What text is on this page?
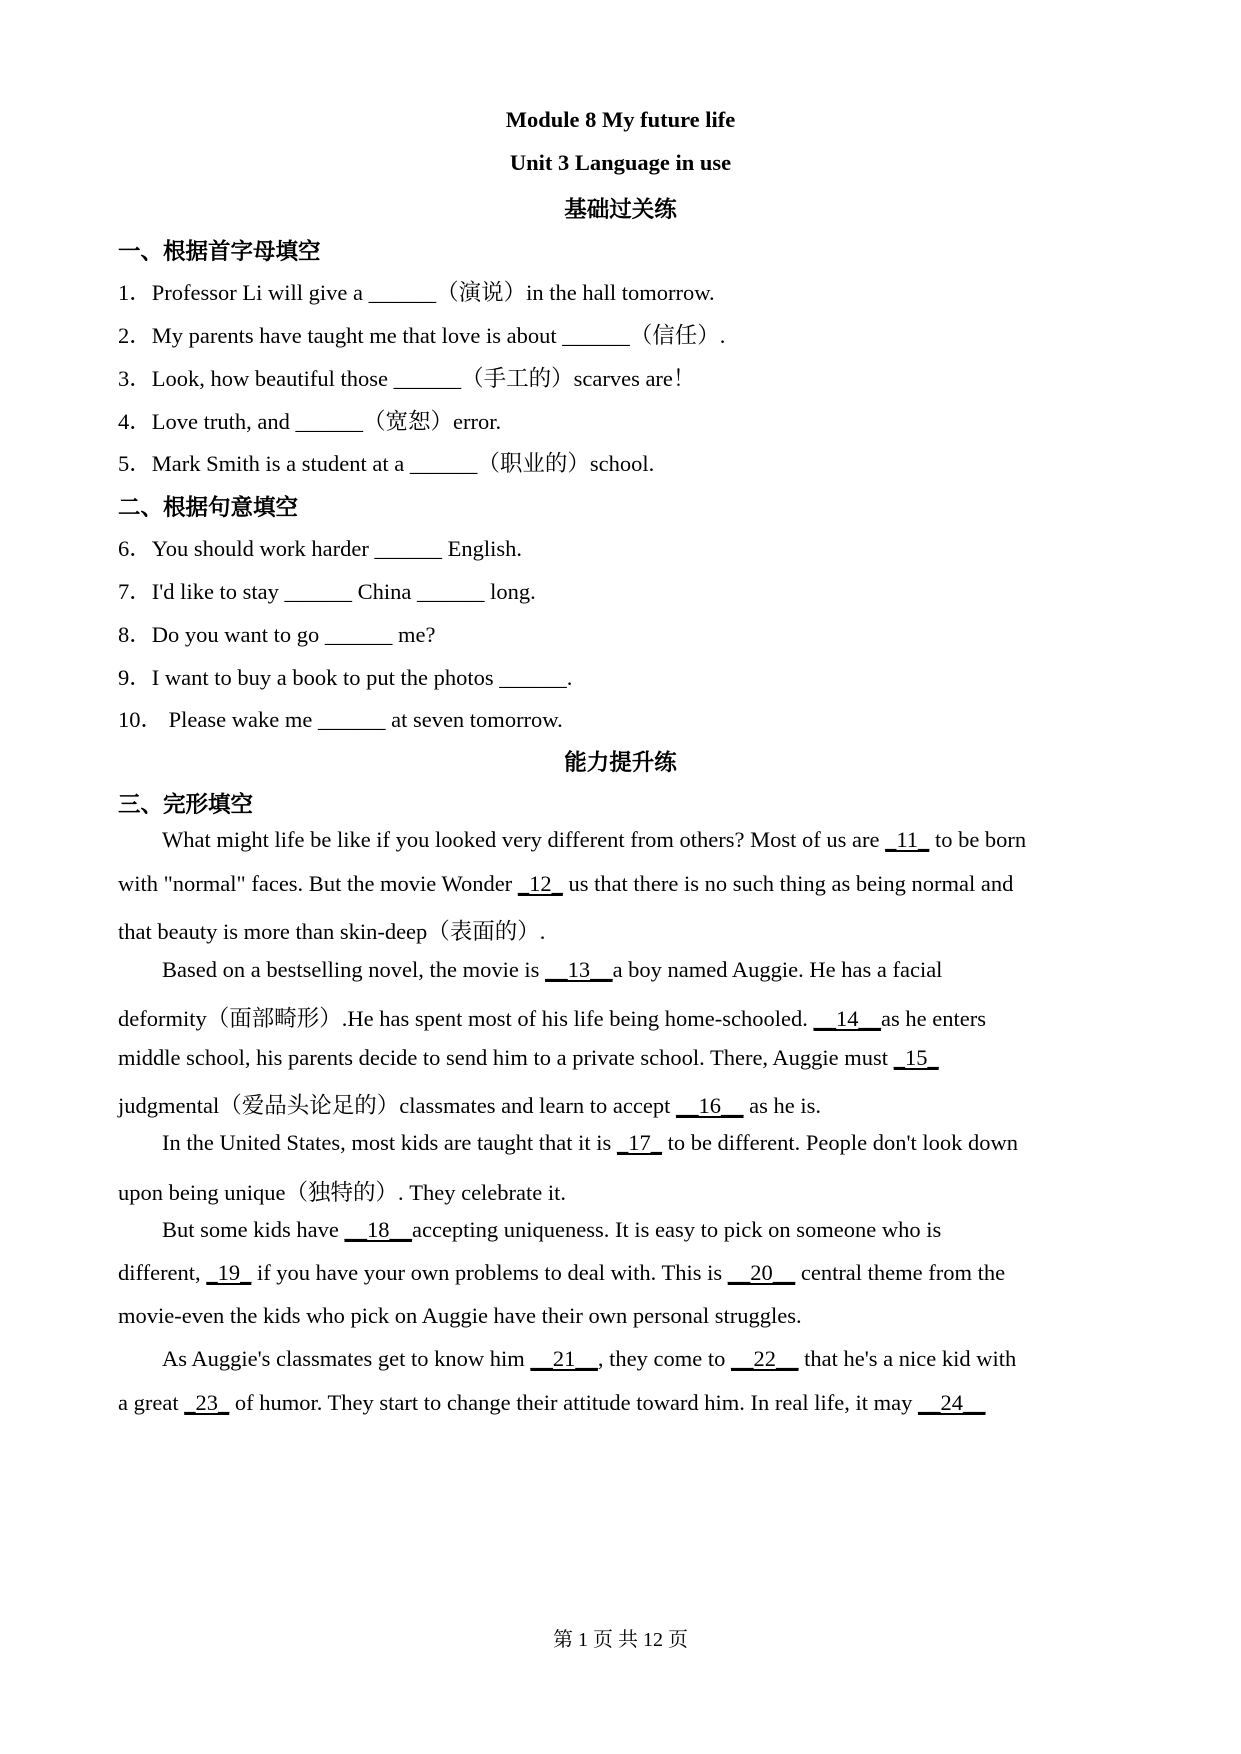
Module 8 My future life
Unit 3 Language in use
基础过关练
一、根据首字母填空
1．Professor Li will give a ______（演说）in the hall tomorrow.
2．My parents have taught me that love is about ______（信任）.
3．Look, how beautiful those ______（手工的）scarves are！
4．Love truth, and ______（宽恕）error.
5．Mark Smith is a student at a ______（职业的）school.
二、根据句意填空
6．You should work harder ______ English.
7．I'd like to stay ______ China ______ long.
8．Do you want to go ______ me?
9．I want to buy a book to put the photos ______.
10． Please wake me ______ at seven tomorrow.
能力提升练
三、完形填空
What might life be like if you looked very different from others? Most of us are _11_ to be born
with "normal" faces. But the movie Wonder _12_ us that there is no such thing as being normal and
that beauty is more than skin-deep（表面的）.
Based on a bestselling novel, the movie is __13__a boy named Auggie. He has a facial
deformity（面部畸形）.He has spent most of his life being home-schooled. __14__as he enters
middle school, his parents decide to send him to a private school. There, Auggie must _15_
judgmental（爱品头论足的）classmates and learn to accept __16__ as he is.
In the United States, most kids are taught that it is _17_ to be different. People don't look down
upon being unique（独特的）. They celebrate it.
But some kids have __18__accepting uniqueness. It is easy to pick on someone who is
different, _19_ if you have your own problems to deal with. This is __20__ central theme from the
movie-even the kids who pick on Auggie have their own personal struggles.
As Auggie's classmates get to know him __21__, they come to __22__ that he's a nice kid with
a great _23_ of humor. They start to change their attitude toward him. In real life, it may __24__
第 1 页 共 12 页
